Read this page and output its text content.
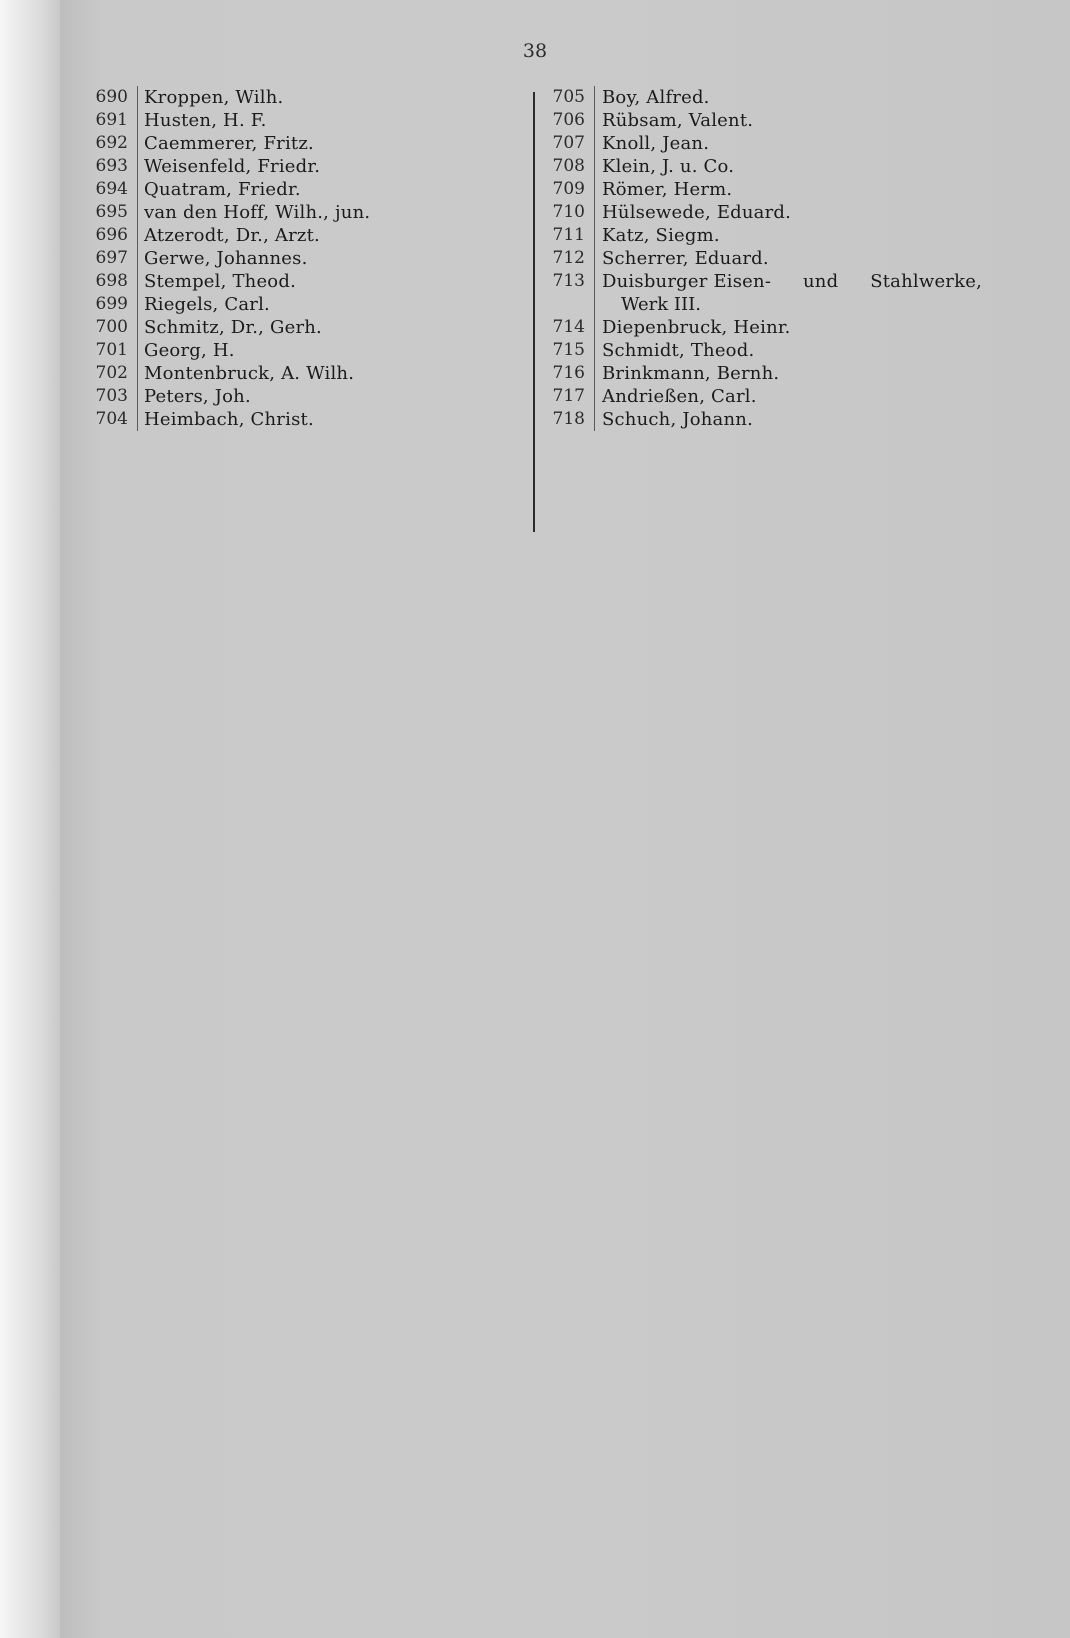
38
690 Kroppen, Wilh.
691 Husten, H. F.
692 Caemmerer, Fritz.
693 Weisenfeld, Friedr.
694 Quatram, Friedr.
695 van den Hoff, Wilh., jun.
696 Atzerodt, Dr., Arzt.
697 Gerwe, Johannes.
698 Stempel, Theod.
699 Riegels, Carl.
700 Schmitz, Dr., Gerh.
701 Georg, H.
702 Montenbruck, A. Wilh.
703 Peters, Joh.
704 Heimbach, Christ.
705 Boy, Alfred.
706 Rübsam, Valent.
707 Knoll, Jean.
708 Klein, J. u. Co.
709 Römer, Herm.
710 Hülsewede, Eduard.
711 Katz, Siegm.
712 Scherrer, Eduard.
713 Duisburger Eisen- und Stahlwerke,
Werk III.
714 Diepenbruck, Heinr.
715 Schmidt, Theod.
716 Brinkmann, Bernh.
717 Andrießen, Carl.
718 Schuch, Johann.
